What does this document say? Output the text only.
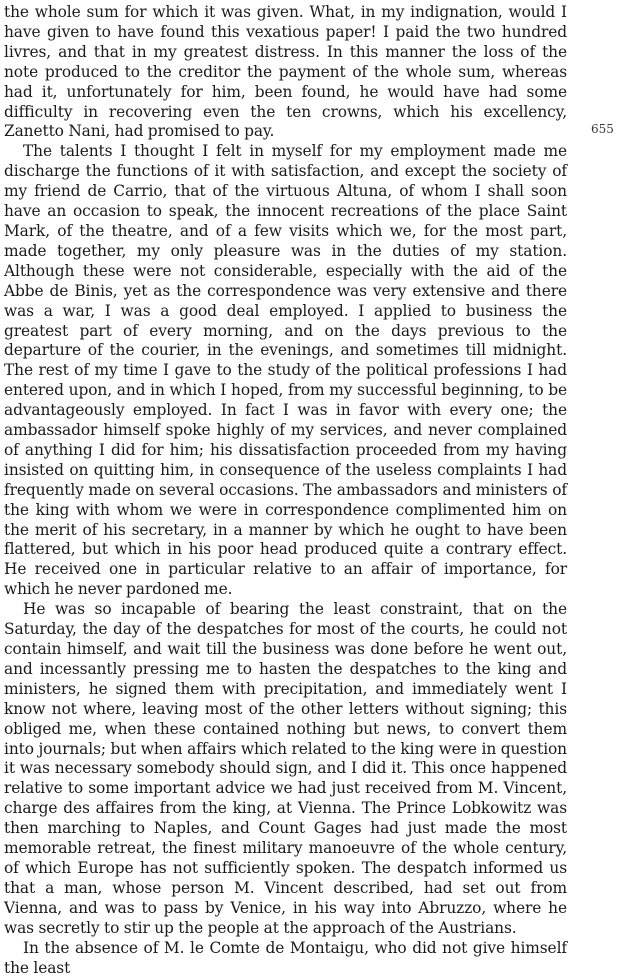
the whole sum for which it was given. What, in my indignation, would I have given to have found this vexatious paper! I paid the two hundred livres, and that in my greatest distress. In this manner the loss of the note produced to the creditor the payment of the whole sum, whereas had it, unfortunately for him, been found, he would have had some difficulty in recovering even the ten crowns, which his excellency, Zanetto Nani, had promised to pay.

The talents I thought I felt in myself for my employment made me discharge the functions of it with satisfaction, and except the society of my friend de Carrio, that of the virtuous Altuna, of whom I shall soon have an occasion to speak, the innocent recreations of the place Saint Mark, of the theatre, and of a few visits which we, for the most part, made together, my only pleasure was in the duties of my station. Although these were not considerable, especially with the aid of the Abbe de Binis, yet as the correspondence was very extensive and there was a war, I was a good deal employed. I applied to business the greatest part of every morning, and on the days previous to the departure of the courier, in the evenings, and sometimes till midnight. The rest of my time I gave to the study of the political professions I had entered upon, and in which I hoped, from my successful beginning, to be advantageously employed. In fact I was in favor with every one; the ambassador himself spoke highly of my services, and never complained of anything I did for him; his dissatisfaction proceeded from my having insisted on quitting him, in consequence of the useless complaints I had frequently made on several occasions. The ambassadors and ministers of the king with whom we were in correspondence complimented him on the merit of his secretary, in a manner by which he ought to have been flattered, but which in his poor head produced quite a contrary effect. He received one in particular relative to an affair of importance, for which he never pardoned me.

He was so incapable of bearing the least constraint, that on the Saturday, the day of the despatches for most of the courts, he could not contain himself, and wait till the business was done before he went out, and incessantly pressing me to hasten the despatches to the king and ministers, he signed them with precipitation, and immediately went I know not where, leaving most of the other letters without signing; this obliged me, when these contained nothing but news, to convert them into journals; but when affairs which related to the king were in question it was necessary somebody should sign, and I did it. This once happened relative to some important advice we had just received from M. Vincent, charge des affaires from the king, at Vienna. The Prince Lobkowitz was then marching to Naples, and Count Gages had just made the most memorable retreat, the finest military manoeuvre of the whole century, of which Europe has not sufficiently spoken. The despatch informed us that a man, whose person M. Vincent described, had set out from Vienna, and was to pass by Venice, in his way into Abruzzo, where he was secretly to stir up the people at the approach of the Austrians.

In the absence of M. le Comte de Montaigu, who did not give himself the least

655
